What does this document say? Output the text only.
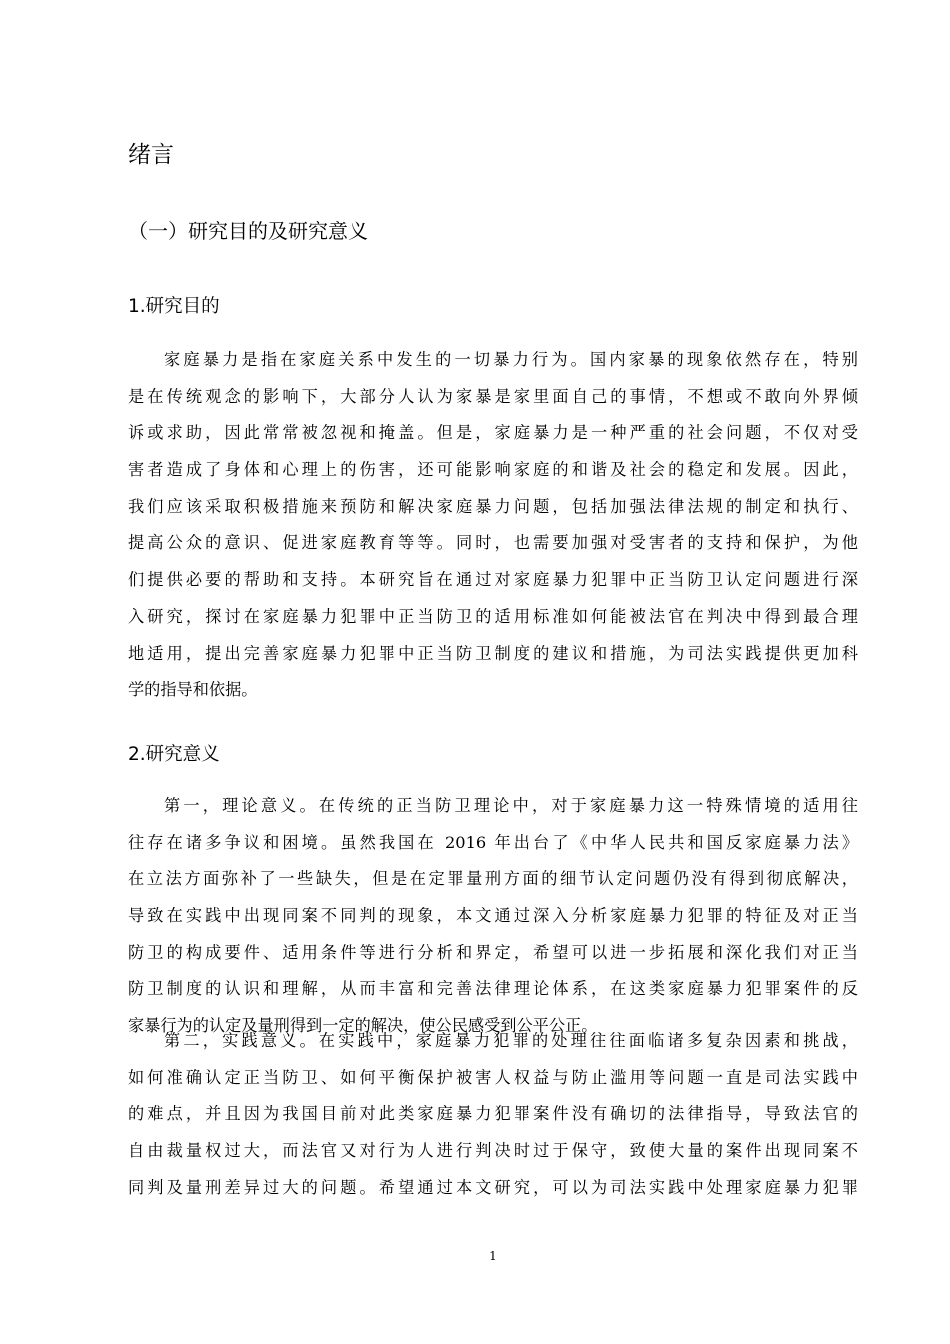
绪言
（一）研究目的及研究意义
1.研究目的
家庭暴力是指在家庭关系中发生的一切暴力行为。国内家暴的现象依然存在，特别
是在传统观念的影响下，大部分人认为家暴是家里面自己的事情，不想或不敢向外界倾
诉或求助，因此常常被忽视和掩盖。但是，家庭暴力是一种严重的社会问题，不仅对受
害者造成了身体和心理上的伤害，还可能影响家庭的和谐及社会的稳定和发展。因此，
我们应该采取积极措施来预防和解决家庭暴力问题，包括加强法律法规的制定和执行、
提高公众的意识、促进家庭教育等等。同时，也需要加强对受害者的支持和保护，为他
们提供必要的帮助和支持。本研究旨在通过对家庭暴力犯罪中正当防卫认定问题进行深
入研究，探讨在家庭暴力犯罪中正当防卫的适用标准如何能被法官在判决中得到最合理
地适用，提出完善家庭暴力犯罪中正当防卫制度的建议和措施，为司法实践提供更加科
学的指导和依据。
2.研究意义
第一，理论意义。在传统的正当防卫理论中，对于家庭暴力这一特殊情境的适用往
往存在诸多争议和困境。虽然我国在 2016 年出台了《中华人民共和国反家庭暴力法》
在立法方面弥补了一些缺失，但是在定罪量刑方面的细节认定问题仍没有得到彻底解决，
导致在实践中出现同案不同判的现象，本文通过深入分析家庭暴力犯罪的特征及对正当
防卫的构成要件、适用条件等进行分析和界定，希望可以进一步拓展和深化我们对正当
防卫制度的认识和理解，从而丰富和完善法律理论体系，在这类家庭暴力犯罪案件的反
家暴行为的认定及量刑得到一定的解决，使公民感受到公平公正。
第二，实践意义。在实践中，家庭暴力犯罪的处理往往面临诸多复杂因素和挑战，
如何准确认定正当防卫、如何平衡保护被害人权益与防止滥用等问题一直是司法实践中
的难点，并且因为我国目前对此类家庭暴力犯罪案件没有确切的法律指导，导致法官的
自由裁量权过大，而法官又对行为人进行判决时过于保守，致使大量的案件出现同案不
同判及量刑差异过大的问题。希望通过本文研究，可以为司法实践中处理家庭暴力犯罪
1
